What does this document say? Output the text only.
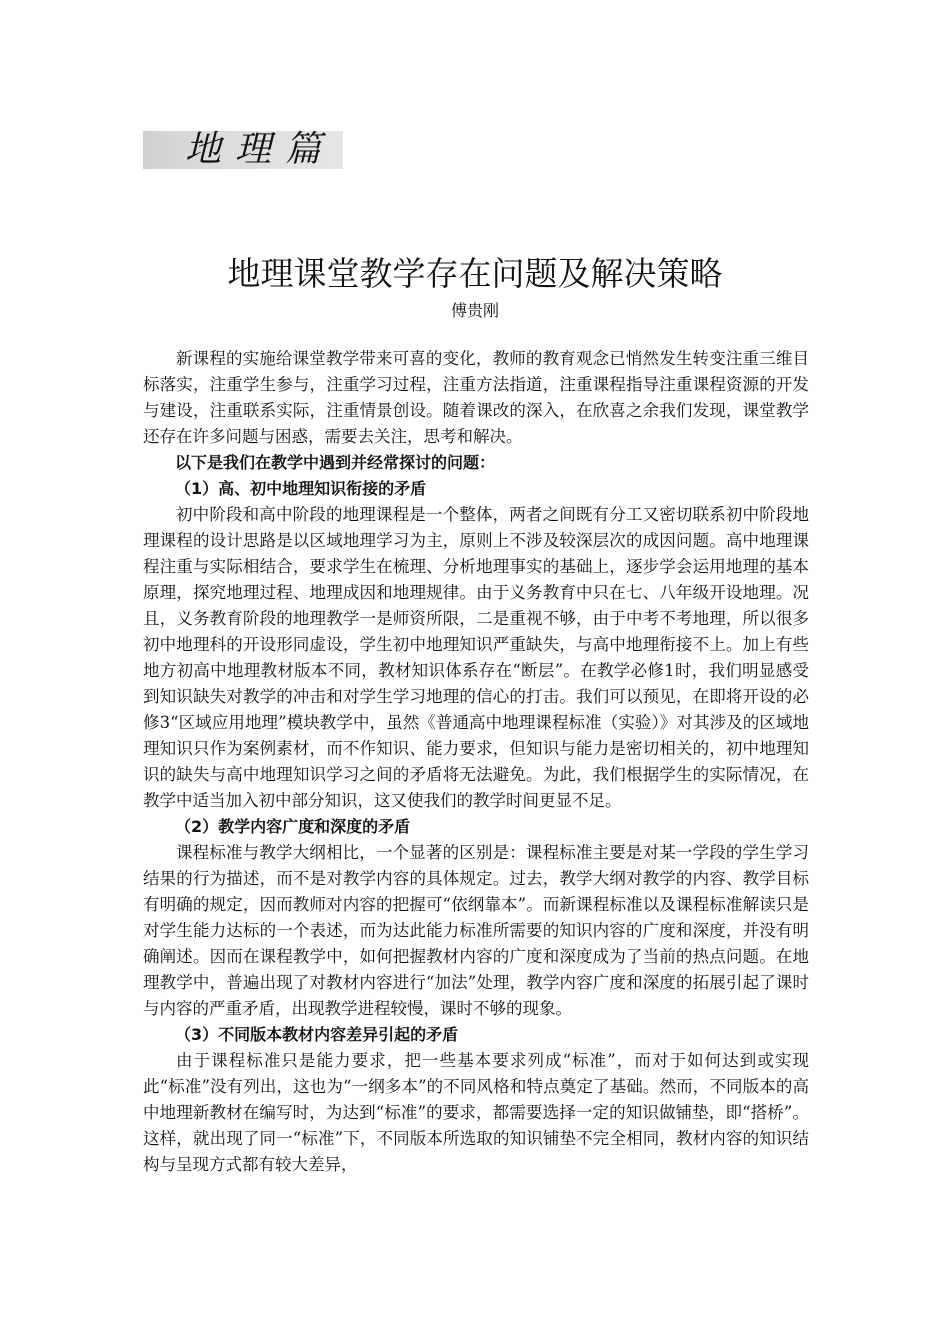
地理篇
地理课堂教学存在问题及解决策略
傅贵刚

新课程的实施给课堂教学带来可喜的变化，教师的教育观念已悄然发生转变注重三维目标落实，注重学生参与，注重学习过程，注重方法指道，注重课程指导注重课程资源的开发与建设，注重联系实际，注重情景创设。随着课改的深入，在欣喜之余我们发现，课堂教学还存在许多问题与困惑，需要去关注，思考和解决。

以下是我们在教学中遇到并经常探讨的问题：

（1）高、初中地理知识衔接的矛盾

初中阶段和高中阶段的地理课程是一个整体，两者之间既有分工又密切联系初中阶段地理课程的设计思路是以区域地理学习为主，原则上不涉及较深层次的成因问题。高中地理课程注重与实际相结合，要求学生在梳理、分析地理事实的基础上，逐步学会运用地理的基本原理，探究地理过程、地理成因和地理规律。由于义务教育中只在七、八年级开设地理。况且，义务教育阶段的地理教学一是师资所限，二是重视不够，由于中考不考地理，所以很多初中地理科的开设形同虚设，学生初中地理知识严重缺失，与高中地理衔接不上。加上有些地方初高中地理教材版本不同，教材知识体系存在“断层”。在教学必修1时，我们明显感受到知识缺失对教学的冲击和对学生学习地理的信心的打击。我们可以预见，在即将开设的必修3“区域应用地理”模块教学中，虽然《普通高中地理课程标准（实验）》对其涉及的区域地理知识只作为案例素材，而不作知识、能力要求，但知识与能力是密切相关的，初中地理知识的缺失与高中地理知识学习之间的矛盾将无法避免。为此，我们根据学生的实际情况，在教学中适当加入初中部分知识，这又使我们的教学时间更显不足。

（2）教学内容广度和深度的矛盾

课程标准与教学大纲相比，一个显著的区别是：课程标准主要是对某一学段的学生学习结果的行为描述，而不是对教学内容的具体规定。过去，教学大纲对教学的内容、教学目标有明确的规定，因而教师对内容的把握可“依纲靠本”。而新课程标准以及课程标准解读只是对学生能力达标的一个表述，而为达此能力标准所需要的知识内容的广度和深度，并没有明确阐述。因而在课程教学中，如何把握教材内容的广度和深度成为了当前的热点问题。在地理教学中，普遍出现了对教材内容进行“加法”处理，教学内容广度和深度的拓展引起了课时与内容的严重矛盾，出现教学进程较慢，课时不够的现象。

（3）不同版本教材内容差异引起的矛盾

由于课程标准只是能力要求，把一些基本要求列成“标准”，而对于如何达到或实现此“标准”没有列出，这也为“一纲多本”的不同风格和特点奠定了基础。然而，不同版本的高中地理新教材在编写时，为达到“标准”的要求，都需要选择一定的知识做铺垫，即“搭桥”。这样，就出现了同一“标准”下，不同版本所选取的知识铺垫不完全相同，教材内容的知识结构与呈现方式都有较大差异，
